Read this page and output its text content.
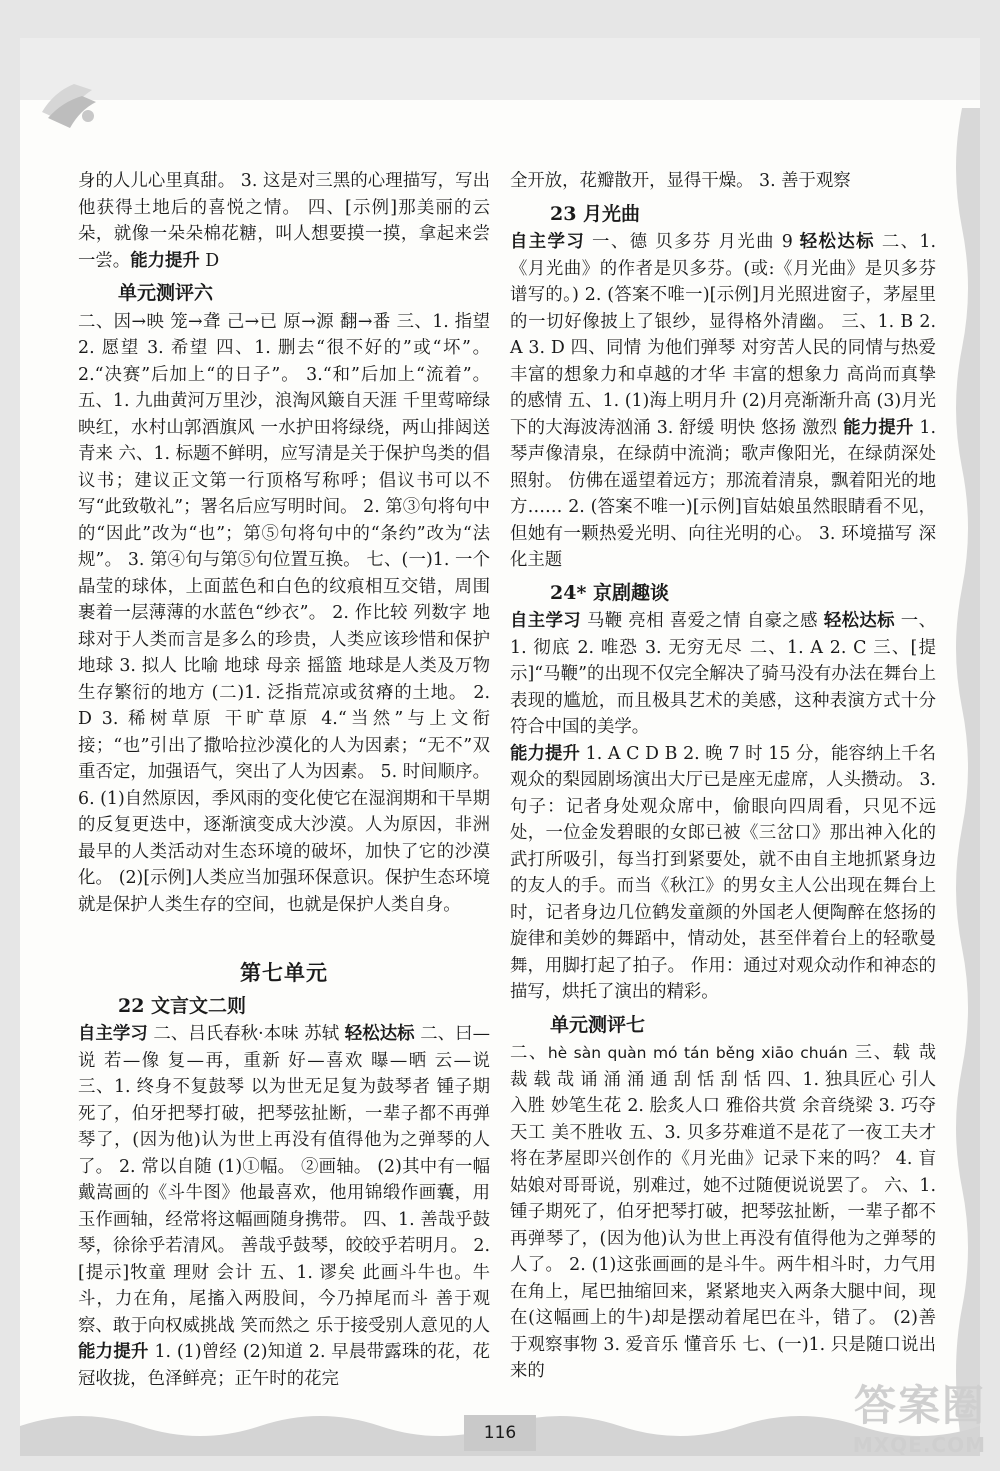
身的人儿心里真甜。 3. 这是对三黑的心理描写，写出他获得土地后的喜悦之情。 四、[示例]那美丽的云朵，就像一朵朵棉花糖，叫人想要摸一摸，拿起来尝一尝。能力提升 D

单元测评六

二、因→映 笼→聋 己→已 原→源 翻→番 三、1. 指望 2. 愿望 3. 希望 四、1. 删去“很不好的”或“坏”。 2.“决赛”后加上“的日子”。 3.“和”后加上“流着”。 五、1. 九曲黄河万里沙，浪淘风簸自天涯 千里莺啼绿映红，水村山郭酒旗风 一水护田将绿绕，两山排闼送青来 六、1. 标题不鲜明，应写清是关于保护鸟类的倡议书；建议正文第一行顶格写称呼；倡议书可以不写“此致敬礼”；署名后应写明时间。 2. 第③句将句中的“因此”改为“也”；第⑤句将句中的“条约”改为“法规”。 3. 第④句与第⑤句位置互换。 七、(一)1. 一个晶莹的球体，上面蓝色和白色的纹痕相互交错，周围裹着一层薄薄的水蓝色“纱衣”。 2. 作比较 列数字 地球对于人类而言是多么的珍贵，人类应该珍惜和保护地球 3. 拟人 比喻 地球 母亲 摇篮 地球是人类及万物生存繁衍的地方 (二)1. 泛指荒凉或贫瘠的土地。 2. D 3. 稀树草原 干旷草原 4.“当然”与上文衔接；“也”引出了撒哈拉沙漠化的人为因素；“无不”双重否定，加强语气，突出了人为因素。 5. 时间顺序。 6. (1)自然原因，季风雨的变化使它在湿润期和干旱期的反复更迭中，逐渐演变成大沙漠。人为原因，非洲最早的人类活动对生态环境的破坏，加快了它的沙漠化。 (2)[示例]人类应当加强环保意识。保护生态环境就是保护人类生存的空间，也就是保护人类自身。

第七单元
22 文言文二则

自主学习 二、吕氏春秋·本味 苏轼 轻松达标 二、曰—说 若—像 复—再，重新 好—喜欢 曝—晒 云—说 三、1. 终身不复鼓琴 以为世无足复为鼓琴者 锺子期死了，伯牙把琴打破，把琴弦扯断，一辈子都不再弹琴了，(因为他)认为世上再没有值得他为之弹琴的人了。 2. 常以自随 (1)①幅。 ②画轴。 (2)其中有一幅戴嵩画的《斗牛图》他最喜欢，他用锦缎作画囊，用玉作画轴，经常将这幅画随身携带。 四、1. 善哉乎鼓琴，徐徐乎若清风。 善哉乎鼓琴，皎皎乎若明月。 2. [提示]牧童 理财 会计 五、1. 谬矣 此画斗牛也。牛斗，力在角，尾搐入两股间，今乃掉尾而斗 善于观察、敢于向权威挑战 笑而然之 乐于接受别人意见的人 能力提升 1. (1)曾经 (2)知道 2. 早晨带露珠的花，花冠收拢，色泽鲜亮；正午时的花完

全开放，花瓣散开，显得干燥。 3. 善于观察

23 月光曲

自主学习 一、德 贝多芬 月光曲 9 轻松达标 二、1.《月光曲》的作者是贝多芬。(或:《月光曲》是贝多芬谱写的。) 2. (答案不唯一)[示例]月光照进窗子，茅屋里的一切好像披上了银纱，显得格外清幽。 三、1. B 2. A 3. D 四、同情 为他们弹琴 对穷苦人民的同情与热爱 丰富的想象力和卓越的才华 丰富的想象力 高尚而真挚的感情 五、1. (1)海上明月升 (2)月亮渐渐升高 (3)月光下的大海波涛汹涌 3. 舒缓 明快 悠扬 激烈 能力提升 1. 琴声像清泉，在绿荫中流淌；歌声像阳光，在绿荫深处照射。 仿佛在遥望着远方；那流着清泉，飘着阳光的地方…… 2. (答案不唯一)[示例]盲姑娘虽然眼睛看不见，但她有一颗热爱光明、向往光明的心。 3. 环境描写 深化主题

24* 京剧趣谈

自主学习 马鞭 亮相 喜爱之情 自豪之感 轻松达标 一、1. 彻底 2. 唯恐 3. 无穷无尽 二、1. A 2. C 三、[提示]“马鞭”的出现不仅完全解决了骑马没有办法在舞台上表现的尴尬，而且极具艺术的美感，这种表演方式十分符合中国的美学。

能力提升 1. A C D B 2. 晚 7 时 15 分，能容纳上千名观众的梨园剧场演出大厅已是座无虚席，人头攒动。 3. 句子：记者身处观众席中，偷眼向四周看，只见不远处，一位金发碧眼的女郎已被《三岔口》那出神入化的武打所吸引，每当打到紧要处，就不由自主地抓紧身边的友人的手。而当《秋江》的男女主人公出现在舞台上时，记者身边几位鹤发童颜的外国老人便陶醉在悠扬的旋律和美妙的舞蹈中，情动处，甚至伴着台上的轻歌曼舞，用脚打起了拍子。 作用：通过对观众动作和神态的描写，烘托了演出的精彩。

单元测评七

二、hè sàn quàn mó tán běng xiāo chuán 三、载 哉 裁 载 哉 诵 涌 涌 通 刮 恬 刮 恬 四、1. 独具匠心 引人入胜 妙笔生花 2. 脍炙人口 雅俗共赏 余音绕梁 3. 巧夺天工 美不胜收 五、3. 贝多芬难道不是花了一夜工夫才将在茅屋即兴创作的《月光曲》记录下来的吗？ 4. 盲姑娘对哥哥说，别难过，她不过随便说说罢了。 六、1. 锺子期死了，伯牙把琴打破，把琴弦扯断，一辈子都不再弹琴了，(因为他)认为世上再没有值得他为之弹琴的人了。 2. (1)这张画画的是斗牛。两牛相斗时，力气用在角上，尾巴抽缩回来，紧紧地夹入两条大腿中间，现在(这幅画上的牛)却是摆动着尾巴在斗，错了。 (2)善于观察事物 3. 爱音乐 懂音乐 七、(一)1. 只是随口说出来的

116
答案圈
MXQE.COM
